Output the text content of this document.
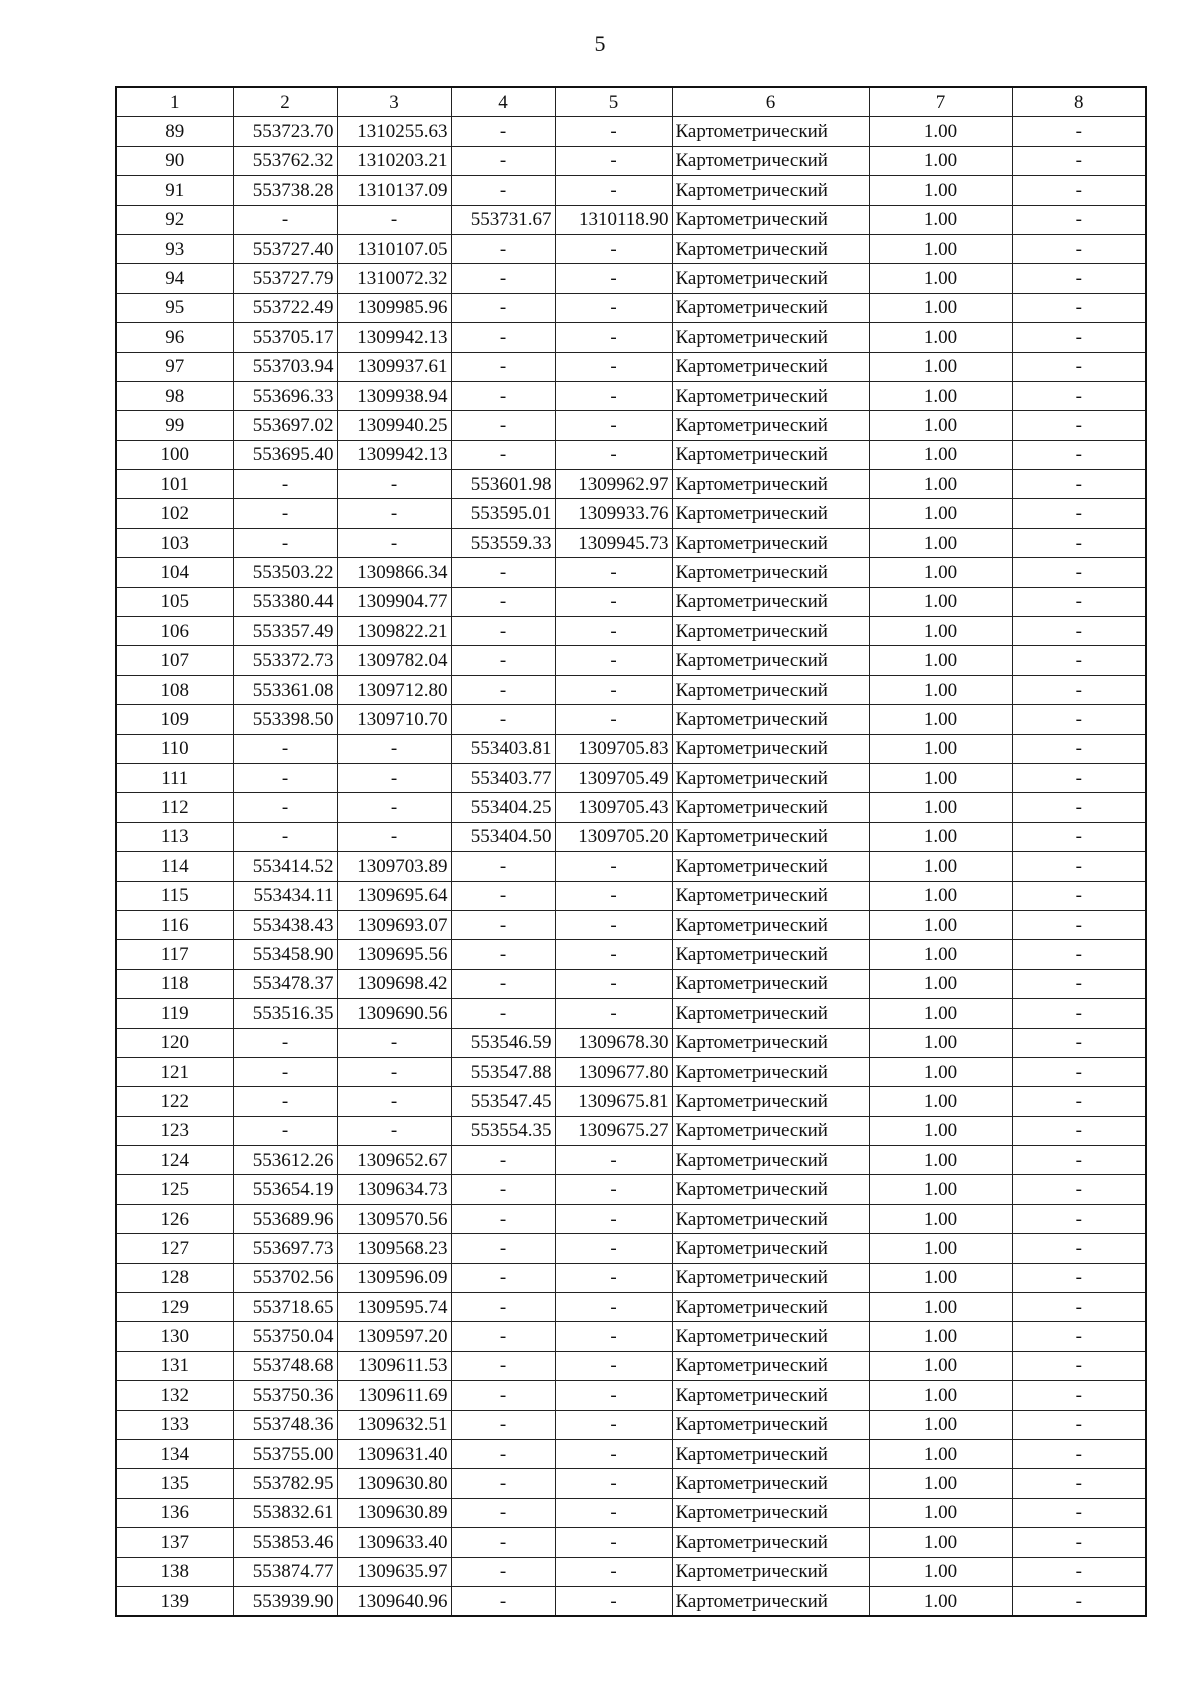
5
1	2	3	4	5	6	7	8
89	553723.70	1310255.63	-	-	Картометрический	1.00	-
90	553762.32	1310203.21	-	-	Картометрический	1.00	-
91	553738.28	1310137.09	-	-	Картометрический	1.00	-
92	-	-	553731.67	1310118.90	Картометрический	1.00	-
93	553727.40	1310107.05	-	-	Картометрический	1.00	-
94	553727.79	1310072.32	-	-	Картометрический	1.00	-
95	553722.49	1309985.96	-	-	Картометрический	1.00	-
96	553705.17	1309942.13	-	-	Картометрический	1.00	-
97	553703.94	1309937.61	-	-	Картометрический	1.00	-
98	553696.33	1309938.94	-	-	Картометрический	1.00	-
99	553697.02	1309940.25	-	-	Картометрический	1.00	-
100	553695.40	1309942.13	-	-	Картометрический	1.00	-
101	-	-	553601.98	1309962.97	Картометрический	1.00	-
102	-	-	553595.01	1309933.76	Картометрический	1.00	-
103	-	-	553559.33	1309945.73	Картометрический	1.00	-
104	553503.22	1309866.34	-	-	Картометрический	1.00	-
105	553380.44	1309904.77	-	-	Картометрический	1.00	-
106	553357.49	1309822.21	-	-	Картометрический	1.00	-
107	553372.73	1309782.04	-	-	Картометрический	1.00	-
108	553361.08	1309712.80	-	-	Картометрический	1.00	-
109	553398.50	1309710.70	-	-	Картометрический	1.00	-
110	-	-	553403.81	1309705.83	Картометрический	1.00	-
111	-	-	553403.77	1309705.49	Картометрический	1.00	-
112	-	-	553404.25	1309705.43	Картометрический	1.00	-
113	-	-	553404.50	1309705.20	Картометрический	1.00	-
114	553414.52	1309703.89	-	-	Картометрический	1.00	-
115	553434.11	1309695.64	-	-	Картометрический	1.00	-
116	553438.43	1309693.07	-	-	Картометрический	1.00	-
117	553458.90	1309695.56	-	-	Картометрический	1.00	-
118	553478.37	1309698.42	-	-	Картометрический	1.00	-
119	553516.35	1309690.56	-	-	Картометрический	1.00	-
120	-	-	553546.59	1309678.30	Картометрический	1.00	-
121	-	-	553547.88	1309677.80	Картометрический	1.00	-
122	-	-	553547.45	1309675.81	Картометрический	1.00	-
123	-	-	553554.35	1309675.27	Картометрический	1.00	-
124	553612.26	1309652.67	-	-	Картометрический	1.00	-
125	553654.19	1309634.73	-	-	Картометрический	1.00	-
126	553689.96	1309570.56	-	-	Картометрический	1.00	-
127	553697.73	1309568.23	-	-	Картометрический	1.00	-
128	553702.56	1309596.09	-	-	Картометрический	1.00	-
129	553718.65	1309595.74	-	-	Картометрический	1.00	-
130	553750.04	1309597.20	-	-	Картометрический	1.00	-
131	553748.68	1309611.53	-	-	Картометрический	1.00	-
132	553750.36	1309611.69	-	-	Картометрический	1.00	-
133	553748.36	1309632.51	-	-	Картометрический	1.00	-
134	553755.00	1309631.40	-	-	Картометрический	1.00	-
135	553782.95	1309630.80	-	-	Картометрический	1.00	-
136	553832.61	1309630.89	-	-	Картометрический	1.00	-
137	553853.46	1309633.40	-	-	Картометрический	1.00	-
138	553874.77	1309635.97	-	-	Картометрический	1.00	-
139	553939.90	1309640.96	-	-	Картометрический	1.00	-
